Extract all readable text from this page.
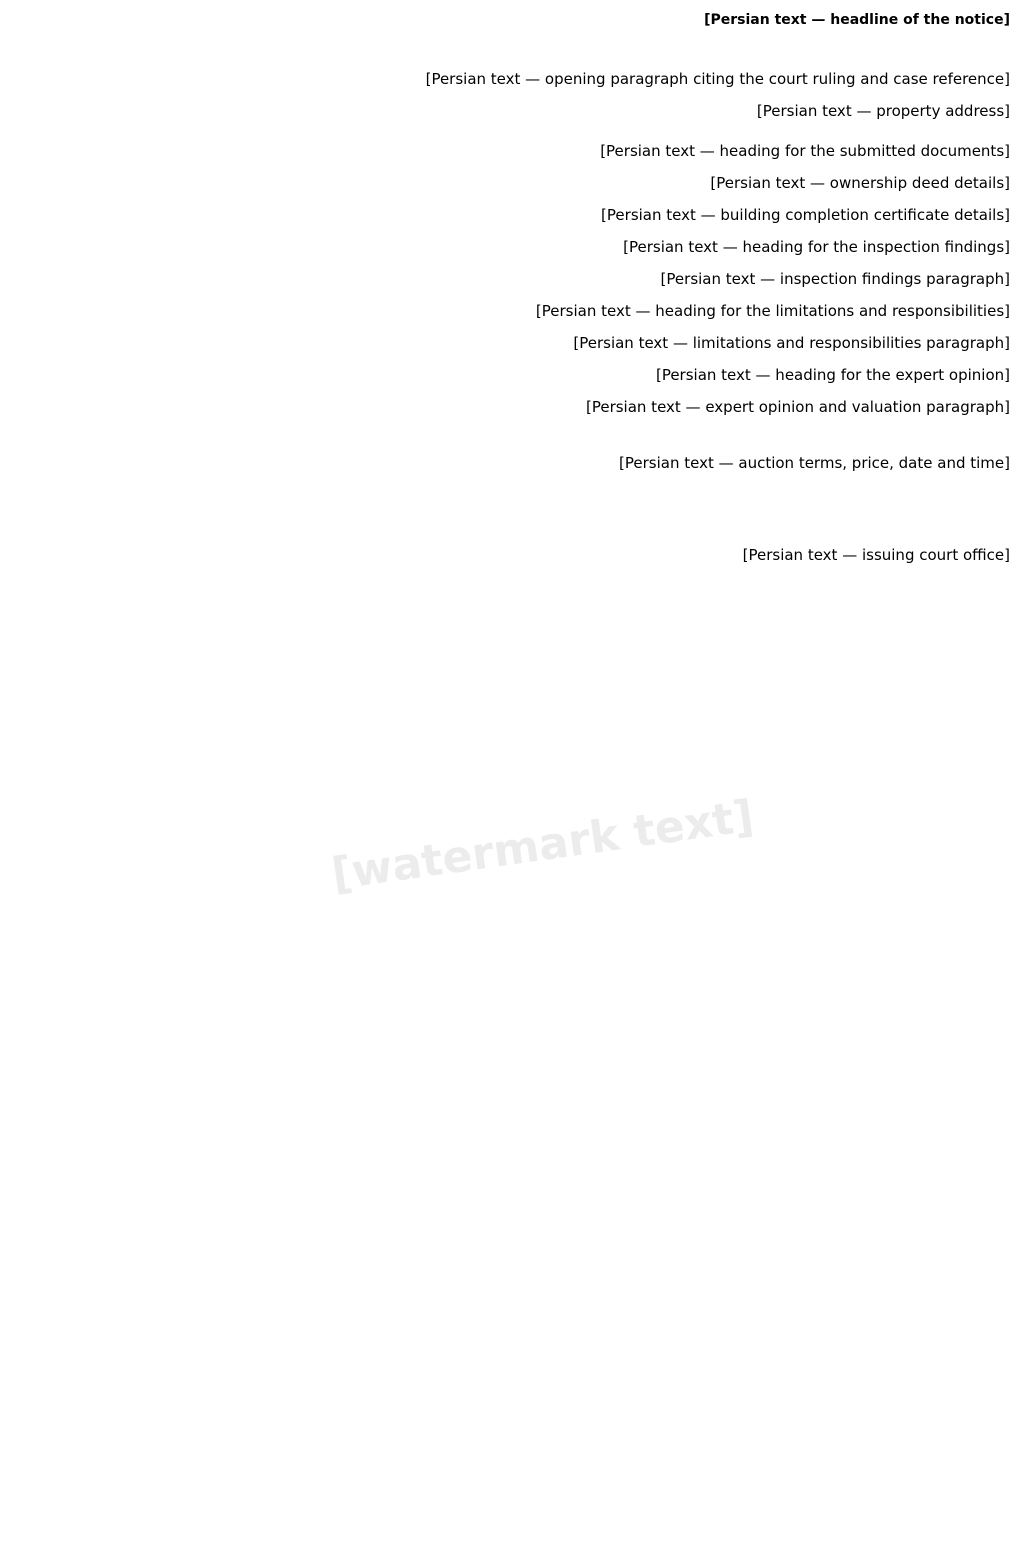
[Persian text — headline of the notice]
[Persian text — opening paragraph citing the court ruling and case reference]
[Persian text — property address]
[Persian text — heading for the submitted documents]
[Persian text — ownership deed details]
[Persian text — building completion certificate details]
[Persian text — heading for the inspection findings]
[Persian text — inspection findings paragraph]
[Persian text — heading for the limitations and responsibilities]
[Persian text — limitations and responsibilities paragraph]
[Persian text — heading for the expert opinion]
[Persian text — expert opinion and valuation paragraph]
[Persian text — auction terms, price, date and time]
[Persian text — issuing court office]
[watermark text]
